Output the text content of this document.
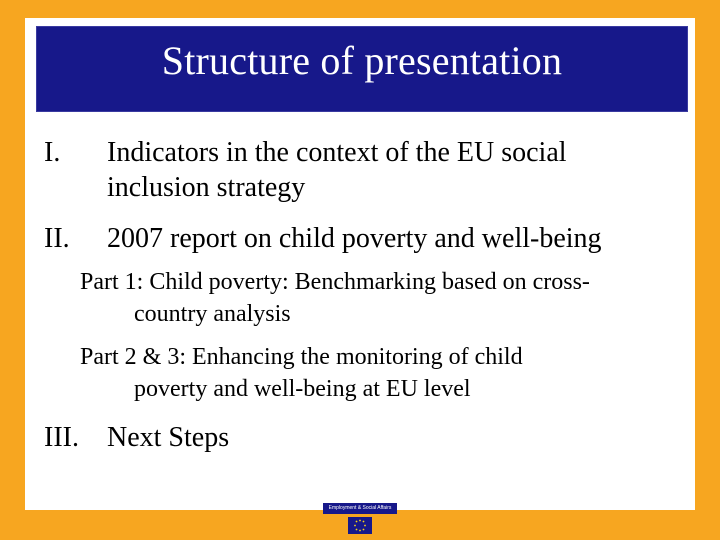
Structure of presentation
I. Indicators in the context of the EU social
inclusion strategy
II. 2007 report on child poverty and well-being
Part 1: Child poverty: Benchmarking based on cross-
country analysis
Part 2 & 3: Enhancing the monitoring of child
poverty and well-being at EU level
III. Next Steps
Employment & Social Affairs
